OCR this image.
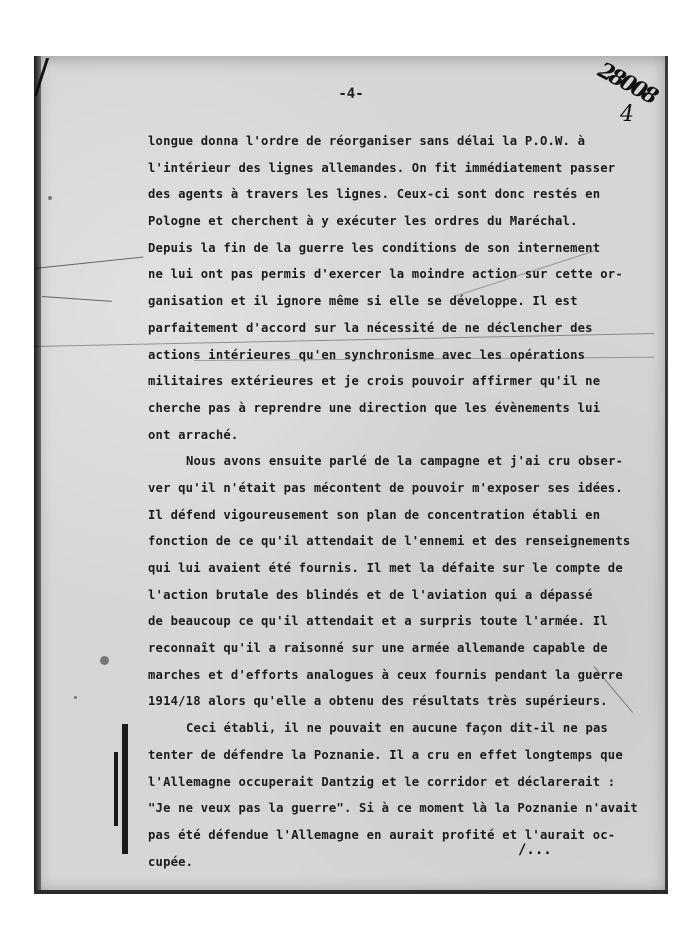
-4-	28008
4
longue donna l'ordre de réorganiser sans délai la P.O.W. à
l'intérieur des lignes allemandes. On fit immédiatement passer
des agents à travers les lignes. Ceux-ci sont donc restés en
Pologne et cherchent à y exécuter les ordres du Maréchal.
Depuis la fin de la guerre les conditions de son internement
ne lui ont pas permis d'exercer la moindre action sur cette or-
ganisation et il ignore même si elle se développe. Il est
parfaitement d'accord sur la nécessité de ne déclencher des
actions intérieures qu'en synchronisme avec les opérations
militaires extérieures et je crois pouvoir affirmer qu'il ne
cherche pas à reprendre une direction que les évènements lui
ont arraché.
Nous avons ensuite parlé de la campagne et j'ai cru obser-
ver qu'il n'était pas mécontent de pouvoir m'exposer ses idées.
Il défend vigoureusement son plan de concentration établi en
fonction de ce qu'il attendait de l'ennemi et des renseignements
qui lui avaient été fournis. Il met la défaite sur le compte de
l'action brutale des blindés et de l'aviation qui a dépassé
de beaucoup ce qu'il attendait et a surpris toute l'armée. Il
reconnaît qu'il a raisonné sur une armée allemande capable de
marches et d'efforts analogues à ceux fournis pendant la guerre
1914/18 alors qu'elle a obtenu des résultats très supérieurs.
Ceci établi, il ne pouvait en aucune façon dit-il ne pas
tenter de défendre la Poznanie. Il a cru en effet longtemps que
l'Allemagne occuperait Dantzig et le corridor et déclarerait :
"Je ne veux pas la guerre". Si à ce moment là la Poznanie n'avait
pas été défendue l'Allemagne en aurait profité et l'aurait oc-
cupée.
/...
